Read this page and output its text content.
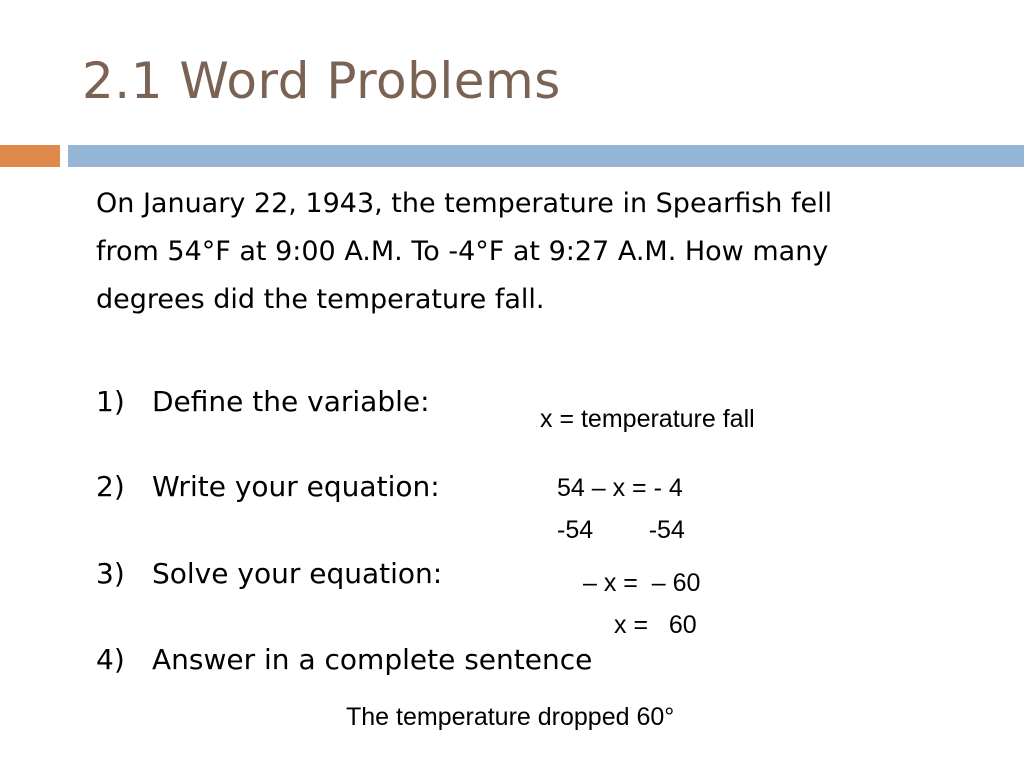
2.1 Word Problems
On January 22, 1943, the temperature in Spearfish fell from 54°F at 9:00 A.M. To -4°F at 9:27 A.M. How many degrees did the temperature fall.
1) Define the variable:
2) Write your equation:
3) Solve your equation:
4) Answer in a complete sentence
x = temperature fall
54 – x = - 4
-54        -54
– x =  – 60
x =   60
The temperature dropped 60°
